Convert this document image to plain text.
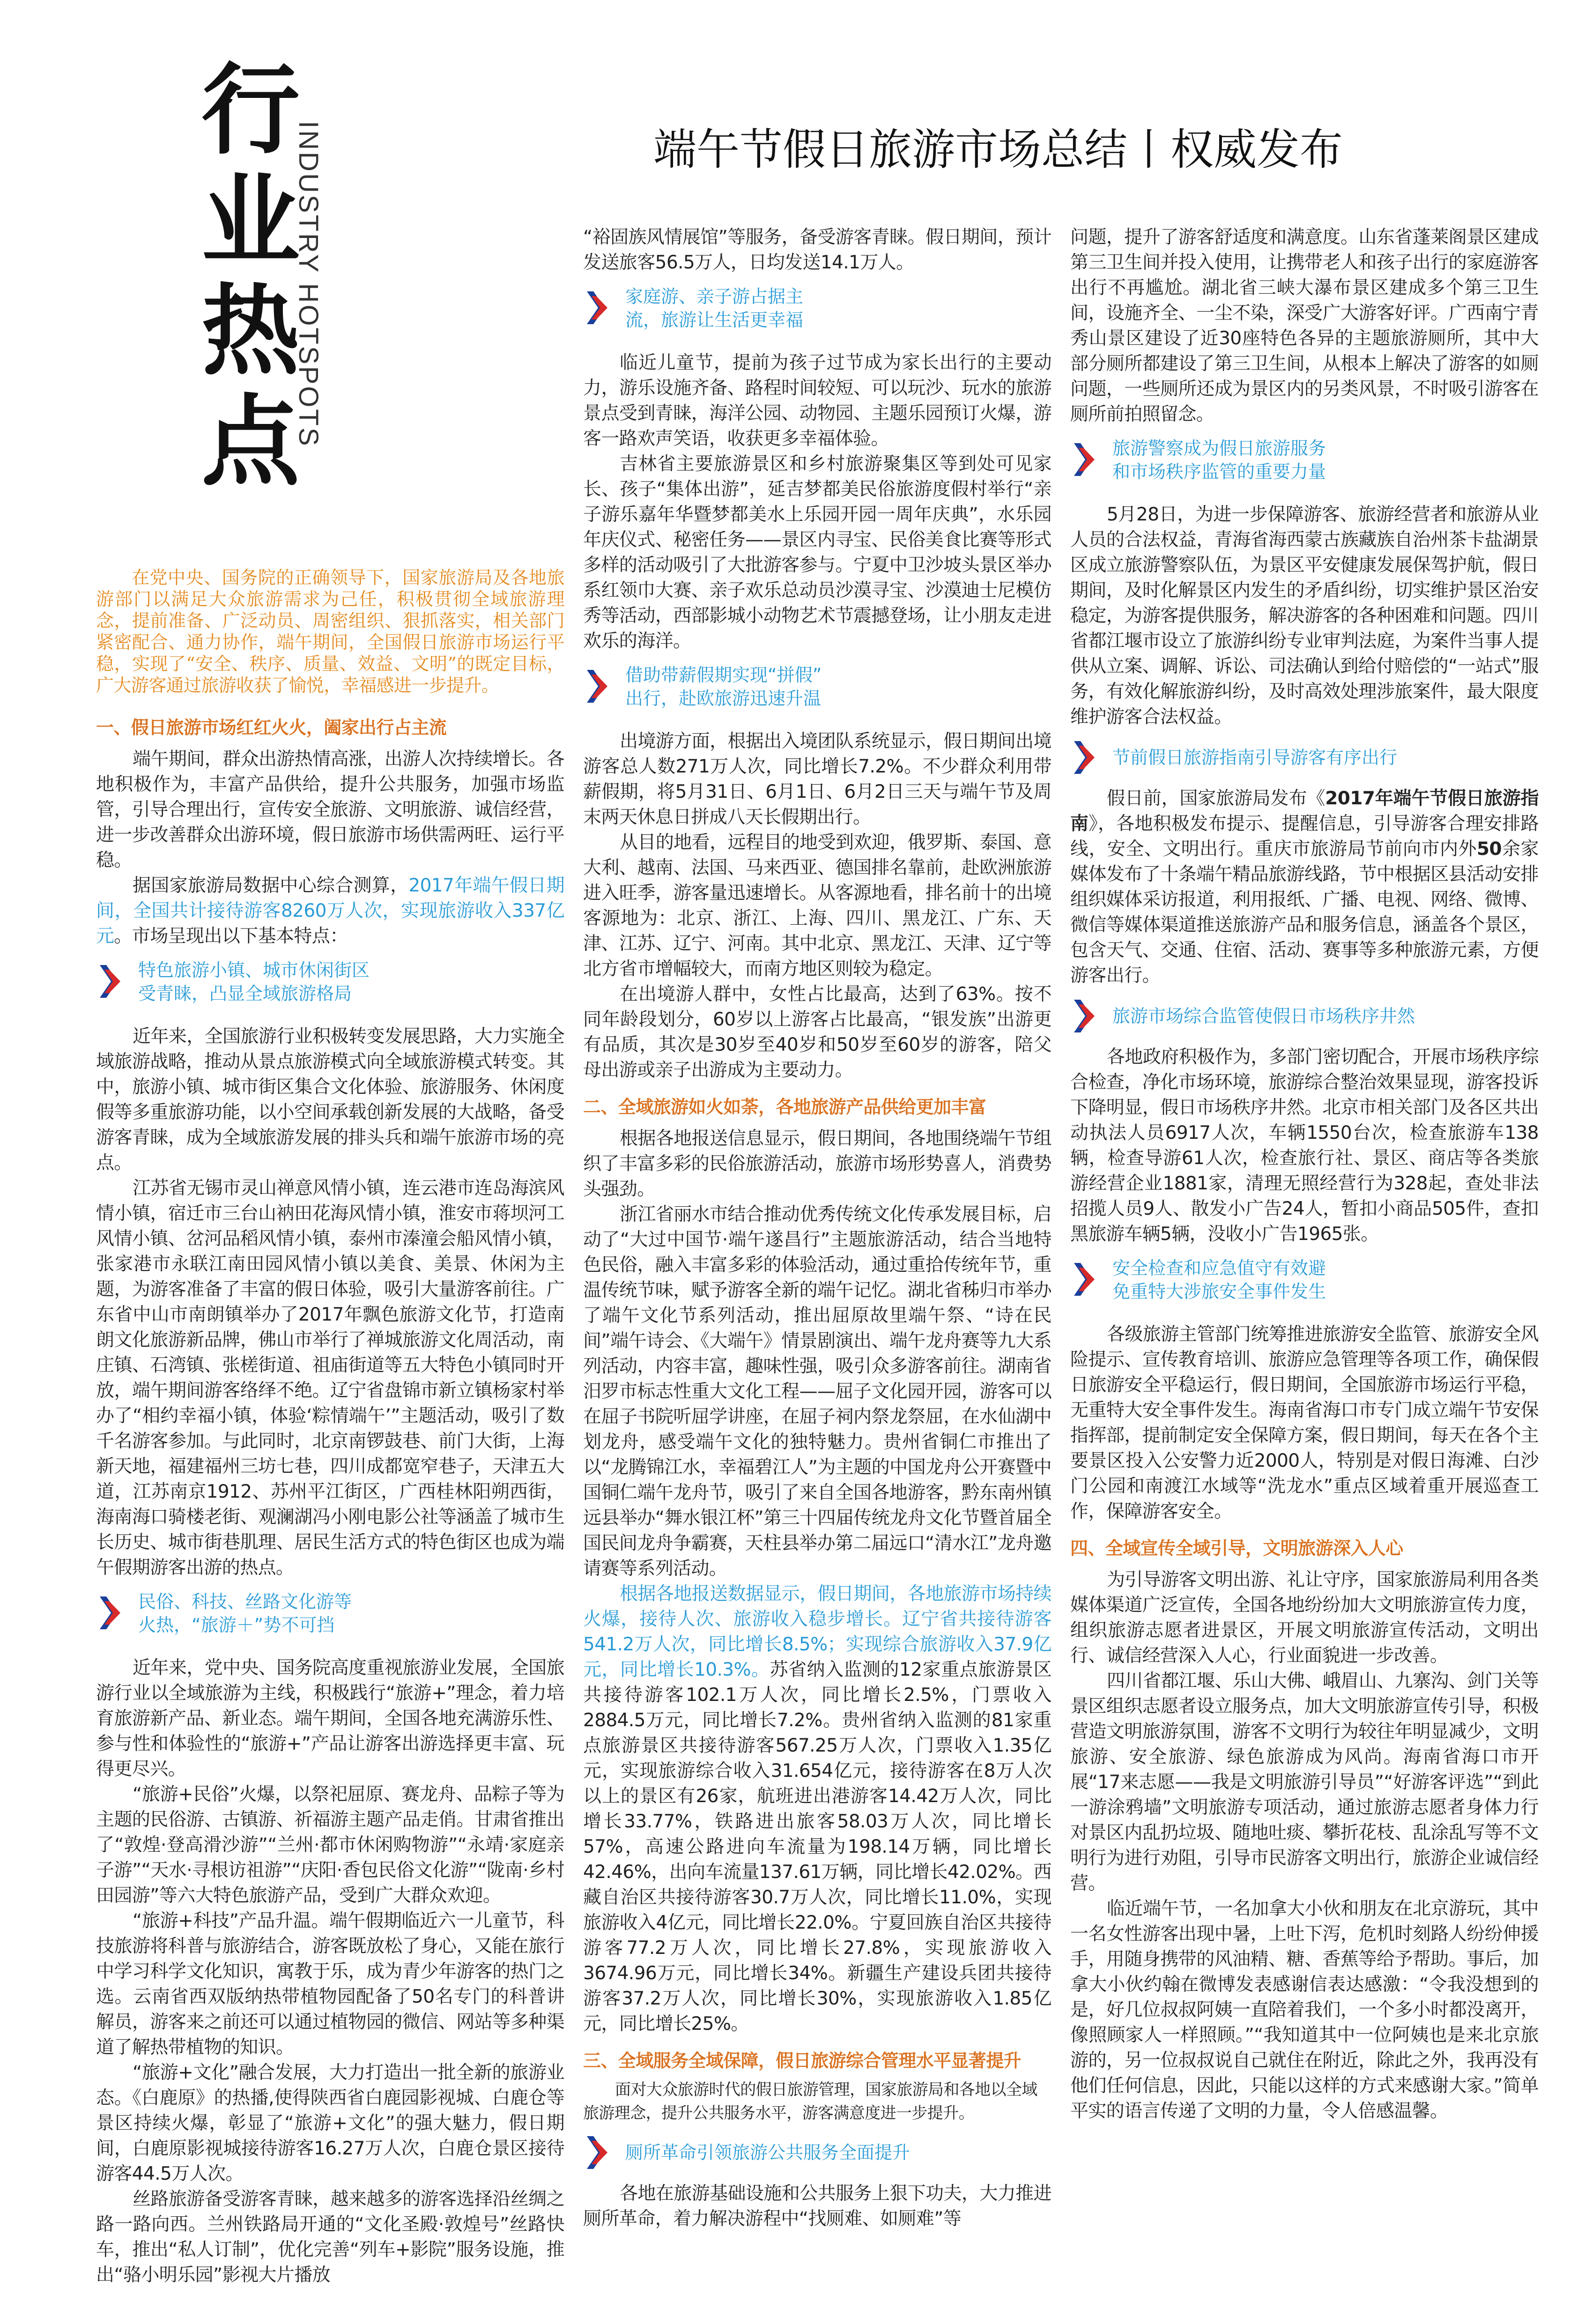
行
业
热
点
INDUSTRY HOTSPOTS	端午节假日旅游市场总结丨权威发布

在党中央、国务院的正确领导下，国家旅游局及各地旅游部门以满足大众旅游需求为己任，积极贯彻全域旅游理念，提前准备、广泛动员、周密组织、狠抓落实，相关部门紧密配合、通力协作，端午期间，全国假日旅游市场运行平稳，实现了“安全、秩序、质量、效益、文明”的既定目标，广大游客通过旅游收获了愉悦，幸福感进一步提升。

一、假日旅游市场红红火火，阖家出行占主流

端午期间，群众出游热情高涨，出游人次持续增长。各地积极作为，丰富产品供给，提升公共服务，加强市场监管，引导合理出行，宣传安全旅游、文明旅游、诚信经营，进一步改善群众出游环境，假日旅游市场供需两旺、运行平稳。

据国家旅游局数据中心综合测算，2017年端午假日期间，全国共计接待游客8260万人次，实现旅游收入337亿元。市场呈现出以下基本特点：

特色旅游小镇、城市休闲街区
受青睐，凸显全域旅游格局

近年来，全国旅游行业积极转变发展思路，大力实施全域旅游战略，推动从景点旅游模式向全域旅游模式转变。其中，旅游小镇、城市街区集合文化体验、旅游服务、休闲度假等多重旅游功能，以小空间承载创新发展的大战略，备受游客青睐，成为全域旅游发展的排头兵和端午旅游市场的亮点。

江苏省无锡市灵山禅意风情小镇，连云港市连岛海滨风情小镇，宿迁市三台山衲田花海风情小镇，淮安市蒋坝河工风情小镇、岔河品稻风情小镇，泰州市溱潼会船风情小镇，张家港市永联江南田园风情小镇以美食、美景、休闲为主题，为游客准备了丰富的假日体验，吸引大量游客前往。广东省中山市南朗镇举办了2017年飘色旅游文化节，打造南朗文化旅游新品牌，佛山市举行了禅城旅游文化周活动，南庄镇、石湾镇、张槎街道、祖庙街道等五大特色小镇同时开放，端午期间游客络绎不绝。辽宁省盘锦市新立镇杨家村举办了“相约幸福小镇，体验‘粽情端午’”主题活动，吸引了数千名游客参加。与此同时，北京南锣鼓巷、前门大街，上海新天地，福建福州三坊七巷，四川成都宽窄巷子，天津五大道，江苏南京1912、苏州平江街区，广西桂林阳朔西街，海南海口骑楼老街、观澜湖冯小刚电影公社等涵盖了城市生长历史、城市街巷肌理、居民生活方式的特色街区也成为端午假期游客出游的热点。

民俗、科技、丝路文化游等
火热，“旅游＋”势不可挡

近年来，党中央、国务院高度重视旅游业发展，全国旅游行业以全域旅游为主线，积极践行“旅游+”理念，着力培育旅游新产品、新业态。端午期间，全国各地充满游乐性、参与性和体验性的“旅游+”产品让游客出游选择更丰富、玩得更尽兴。

“旅游+民俗”火爆，以祭祀屈原、赛龙舟、品粽子等为主题的民俗游、古镇游、祈福游主题产品走俏。甘肃省推出了“敦煌·登高滑沙游”“兰州·都市休闲购物游”“永靖·家庭亲子游”“天水·寻根访祖游”“庆阳·香包民俗文化游”“陇南·乡村田园游”等六大特色旅游产品，受到广大群众欢迎。

“旅游+科技”产品升温。端午假期临近六一儿童节，科技旅游将科普与旅游结合，游客既放松了身心，又能在旅行中学习科学文化知识，寓教于乐，成为青少年游客的热门之选。云南省西双版纳热带植物园配备了50名专门的科普讲解员，游客来之前还可以通过植物园的微信、网站等多种渠道了解热带植物的知识。

“旅游+文化”融合发展，大力打造出一批全新的旅游业态。《白鹿原》的热播,使得陕西省白鹿园影视城、白鹿仓等景区持续火爆，彰显了“旅游+文化”的强大魅力，假日期间，白鹿原影视城接待游客16.27万人次，白鹿仓景区接待游客44.5万人次。

丝路旅游备受游客青睐，越来越多的游客选择沿丝绸之路一路向西。兰州铁路局开通的“文化圣殿·敦煌号”丝路快车，推出“私人订制”，优化完善“列车+影院”服务设施，推出“骆小明乐园”影视大片播放

“裕固族风情展馆”等服务，备受游客青睐。假日期间，预计发送旅客56.5万人，日均发送14.1万人。

家庭游、亲子游占据主
流，旅游让生活更幸福

临近儿童节，提前为孩子过节成为家长出行的主要动力，游乐设施齐备、路程时间较短、可以玩沙、玩水的旅游景点受到青睐，海洋公园、动物园、主题乐园预订火爆，游客一路欢声笑语，收获更多幸福体验。

吉林省主要旅游景区和乡村旅游聚集区等到处可见家长、孩子“集体出游”，延吉梦都美民俗旅游度假村举行“亲子游乐嘉年华暨梦都美水上乐园开园一周年庆典”，水乐园年庆仪式、秘密任务——景区内寻宝、民俗美食比赛等形式多样的活动吸引了大批游客参与。宁夏中卫沙坡头景区举办系红领巾大赛、亲子欢乐总动员沙漠寻宝、沙漠迪士尼模仿秀等活动，西部影城小动物艺术节震撼登场，让小朋友走进欢乐的海洋。

借助带薪假期实现“拼假”
出行，赴欧旅游迅速升温

出境游方面，根据出入境团队系统显示，假日期间出境游客总人数271万人次，同比增长7.2%。不少群众利用带薪假期，将5月31日、6月1日、6月2日三天与端午节及周末两天休息日拼成八天长假期出行。

从目的地看，远程目的地受到欢迎，俄罗斯、泰国、意大利、越南、法国、马来西亚、德国排名靠前，赴欧洲旅游进入旺季，游客量迅速增长。从客源地看，排名前十的出境客源地为：北京、浙江、上海、四川、黑龙江、广东、天津、江苏、辽宁、河南。其中北京、黑龙江、天津、辽宁等北方省市增幅较大，而南方地区则较为稳定。

在出境游人群中，女性占比最高，达到了63%。按不同年龄段划分，60岁以上游客占比最高，“银发族”出游更有品质，其次是30岁至40岁和50岁至60岁的游客，陪父母出游或亲子出游成为主要动力。

二、全域旅游如火如荼，各地旅游产品供给更加丰富

根据各地报送信息显示，假日期间，各地围绕端午节组织了丰富多彩的民俗旅游活动，旅游市场形势喜人，消费势头强劲。

浙江省丽水市结合推动优秀传统文化传承发展目标，启动了“大过中国节·端午遂昌行”主题旅游活动，结合当地特色民俗，融入丰富多彩的体验活动，通过重拾传统年节，重温传统节味，赋予游客全新的端午记忆。湖北省秭归市举办了端午文化节系列活动，推出屈原故里端午祭、“诗在民间”端午诗会、《大端午》情景剧演出、端午龙舟赛等九大系列活动，内容丰富，趣味性强，吸引众多游客前往。湖南省汨罗市标志性重大文化工程——屈子文化园开园，游客可以在屈子书院听屈学讲座，在屈子祠内祭龙祭屈，在水仙湖中划龙舟，感受端午文化的独特魅力。贵州省铜仁市推出了以“龙腾锦江水，幸福碧江人”为主题的中国龙舟公开赛暨中国铜仁端午龙舟节，吸引了来自全国各地游客，黔东南州镇远县举办“舞水银江杯”第三十四届传统龙舟文化节暨首届全国民间龙舟争霸赛，天柱县举办第二届远口“清水江”龙舟邀请赛等系列活动。

根据各地报送数据显示，假日期间，各地旅游市场持续火爆，接待人次、旅游收入稳步增长。辽宁省共接待游客541.2万人次，同比增长8.5%；实现综合旅游收入37.9亿元，同比增长10.3%。苏省纳入监测的12家重点旅游景区共接待游客102.1万人次，同比增长2.5%，门票收入2884.5万元，同比增长7.2%。贵州省纳入监测的81家重点旅游景区共接待游客567.25万人次，门票收入1.35亿元，实现旅游综合收入31.654亿元，接待游客在8万人次以上的景区有26家，航班进出港游客14.42万人次，同比增长33.77%，铁路进出旅客58.03万人次，同比增长57%，高速公路进向车流量为198.14万辆，同比增长42.46%，出向车流量137.61万辆，同比增长42.02%。西藏自治区共接待游客30.7万人次，同比增长11.0%，实现旅游收入4亿元，同比增长22.0%。宁夏回族自治区共接待游客77.2万人次，同比增长27.8%，实现旅游收入3674.96万元，同比增长34%。新疆生产建设兵团共接待游客37.2万人次，同比增长30%，实现旅游收入1.85亿元，同比增长25%。

三、全域服务全域保障，假日旅游综合管理水平显著提升

面对大众旅游时代的假日旅游管理，国家旅游局和各地以全域旅游理念，提升公共服务水平，游客满意度进一步提升。

厕所革命引领旅游公共服务全面提升

各地在旅游基础设施和公共服务上狠下功夫，大力推进厕所革命，着力解决游程中“找厕难、如厕难”等

问题，提升了游客舒适度和满意度。山东省蓬莱阁景区建成第三卫生间并投入使用，让携带老人和孩子出行的家庭游客出行不再尴尬。湖北省三峡大瀑布景区建成多个第三卫生间，设施齐全、一尘不染，深受广大游客好评。广西南宁青秀山景区建设了近30座特色各异的主题旅游厕所，其中大部分厕所都建设了第三卫生间，从根本上解决了游客的如厕问题，一些厕所还成为景区内的另类风景，不时吸引游客在厕所前拍照留念。

旅游警察成为假日旅游服务
和市场秩序监管的重要力量

5月28日，为进一步保障游客、旅游经营者和旅游从业人员的合法权益，青海省海西蒙古族藏族自治州茶卡盐湖景区成立旅游警察队伍，为景区平安健康发展保驾护航，假日期间，及时化解景区内发生的矛盾纠纷，切实维护景区治安稳定，为游客提供服务，解决游客的各种困难和问题。四川省都江堰市设立了旅游纠纷专业审判法庭，为案件当事人提供从立案、调解、诉讼、司法确认到给付赔偿的“一站式”服务，有效化解旅游纠纷，及时高效处理涉旅案件，最大限度维护游客合法权益。

节前假日旅游指南引导游客有序出行

假日前，国家旅游局发布《2017年端午节假日旅游指南》，各地积极发布提示、提醒信息，引导游客合理安排路线，安全、文明出行。重庆市旅游局节前向市内外50余家媒体发布了十条端午精品旅游线路，节中根据区县活动安排组织媒体采访报道，利用报纸、广播、电视、网络、微博、微信等媒体渠道推送旅游产品和服务信息，涵盖各个景区，包含天气、交通、住宿、活动、赛事等多种旅游元素，方便游客出行。

旅游市场综合监管使假日市场秩序井然

各地政府积极作为，多部门密切配合，开展市场秩序综合检查，净化市场环境，旅游综合整治效果显现，游客投诉下降明显，假日市场秩序井然。北京市相关部门及各区共出动执法人员6917人次，车辆1550台次，检查旅游车138辆，检查导游61人次，检查旅行社、景区、商店等各类旅游经营企业1881家，清理无照经营行为328起，查处非法招揽人员9人、散发小广告24人，暂扣小商品505件，查扣黑旅游车辆5辆，没收小广告1965张。

安全检查和应急值守有效避
免重特大涉旅安全事件发生

各级旅游主管部门统筹推进旅游安全监管、旅游安全风险提示、宣传教育培训、旅游应急管理等各项工作，确保假日旅游安全平稳运行，假日期间，全国旅游市场运行平稳，无重特大安全事件发生。海南省海口市专门成立端午节安保指挥部，提前制定安全保障方案，假日期间，每天在各个主要景区投入公安警力近2000人，特别是对假日海滩、白沙门公园和南渡江水域等“洗龙水”重点区域着重开展巡查工作，保障游客安全。

四、全域宣传全域引导，文明旅游深入人心

为引导游客文明出游、礼让守序，国家旅游局利用各类媒体渠道广泛宣传，全国各地纷纷加大文明旅游宣传力度，组织旅游志愿者进景区，开展文明旅游宣传活动，文明出行、诚信经营深入人心，行业面貌进一步改善。

四川省都江堰、乐山大佛、峨眉山、九寨沟、剑门关等景区组织志愿者设立服务点，加大文明旅游宣传引导，积极营造文明旅游氛围，游客不文明行为较往年明显减少，文明旅游、安全旅游、绿色旅游成为风尚。海南省海口市开展“17来志愿——我是文明旅游引导员”“好游客评选”“到此一游涂鸦墙”文明旅游专项活动，通过旅游志愿者身体力行对景区内乱扔垃圾、随地吐痰、攀折花枝、乱涂乱写等不文明行为进行劝阻，引导市民游客文明出行，旅游企业诚信经营。

临近端午节，一名加拿大小伙和朋友在北京游玩，其中一名女性游客出现中暑，上吐下泻，危机时刻路人纷纷伸援手，用随身携带的风油精、糖、香蕉等给予帮助。事后，加拿大小伙约翰在微博发表感谢信表达感激：“令我没想到的是，好几位叔叔阿姨一直陪着我们，一个多小时都没离开，像照顾家人一样照顾。”“我知道其中一位阿姨也是来北京旅游的，另一位叔叔说自己就住在附近，除此之外，我再没有他们任何信息，因此，只能以这样的方式来感谢大家。”简单平实的语言传递了文明的力量，令人倍感温馨。
